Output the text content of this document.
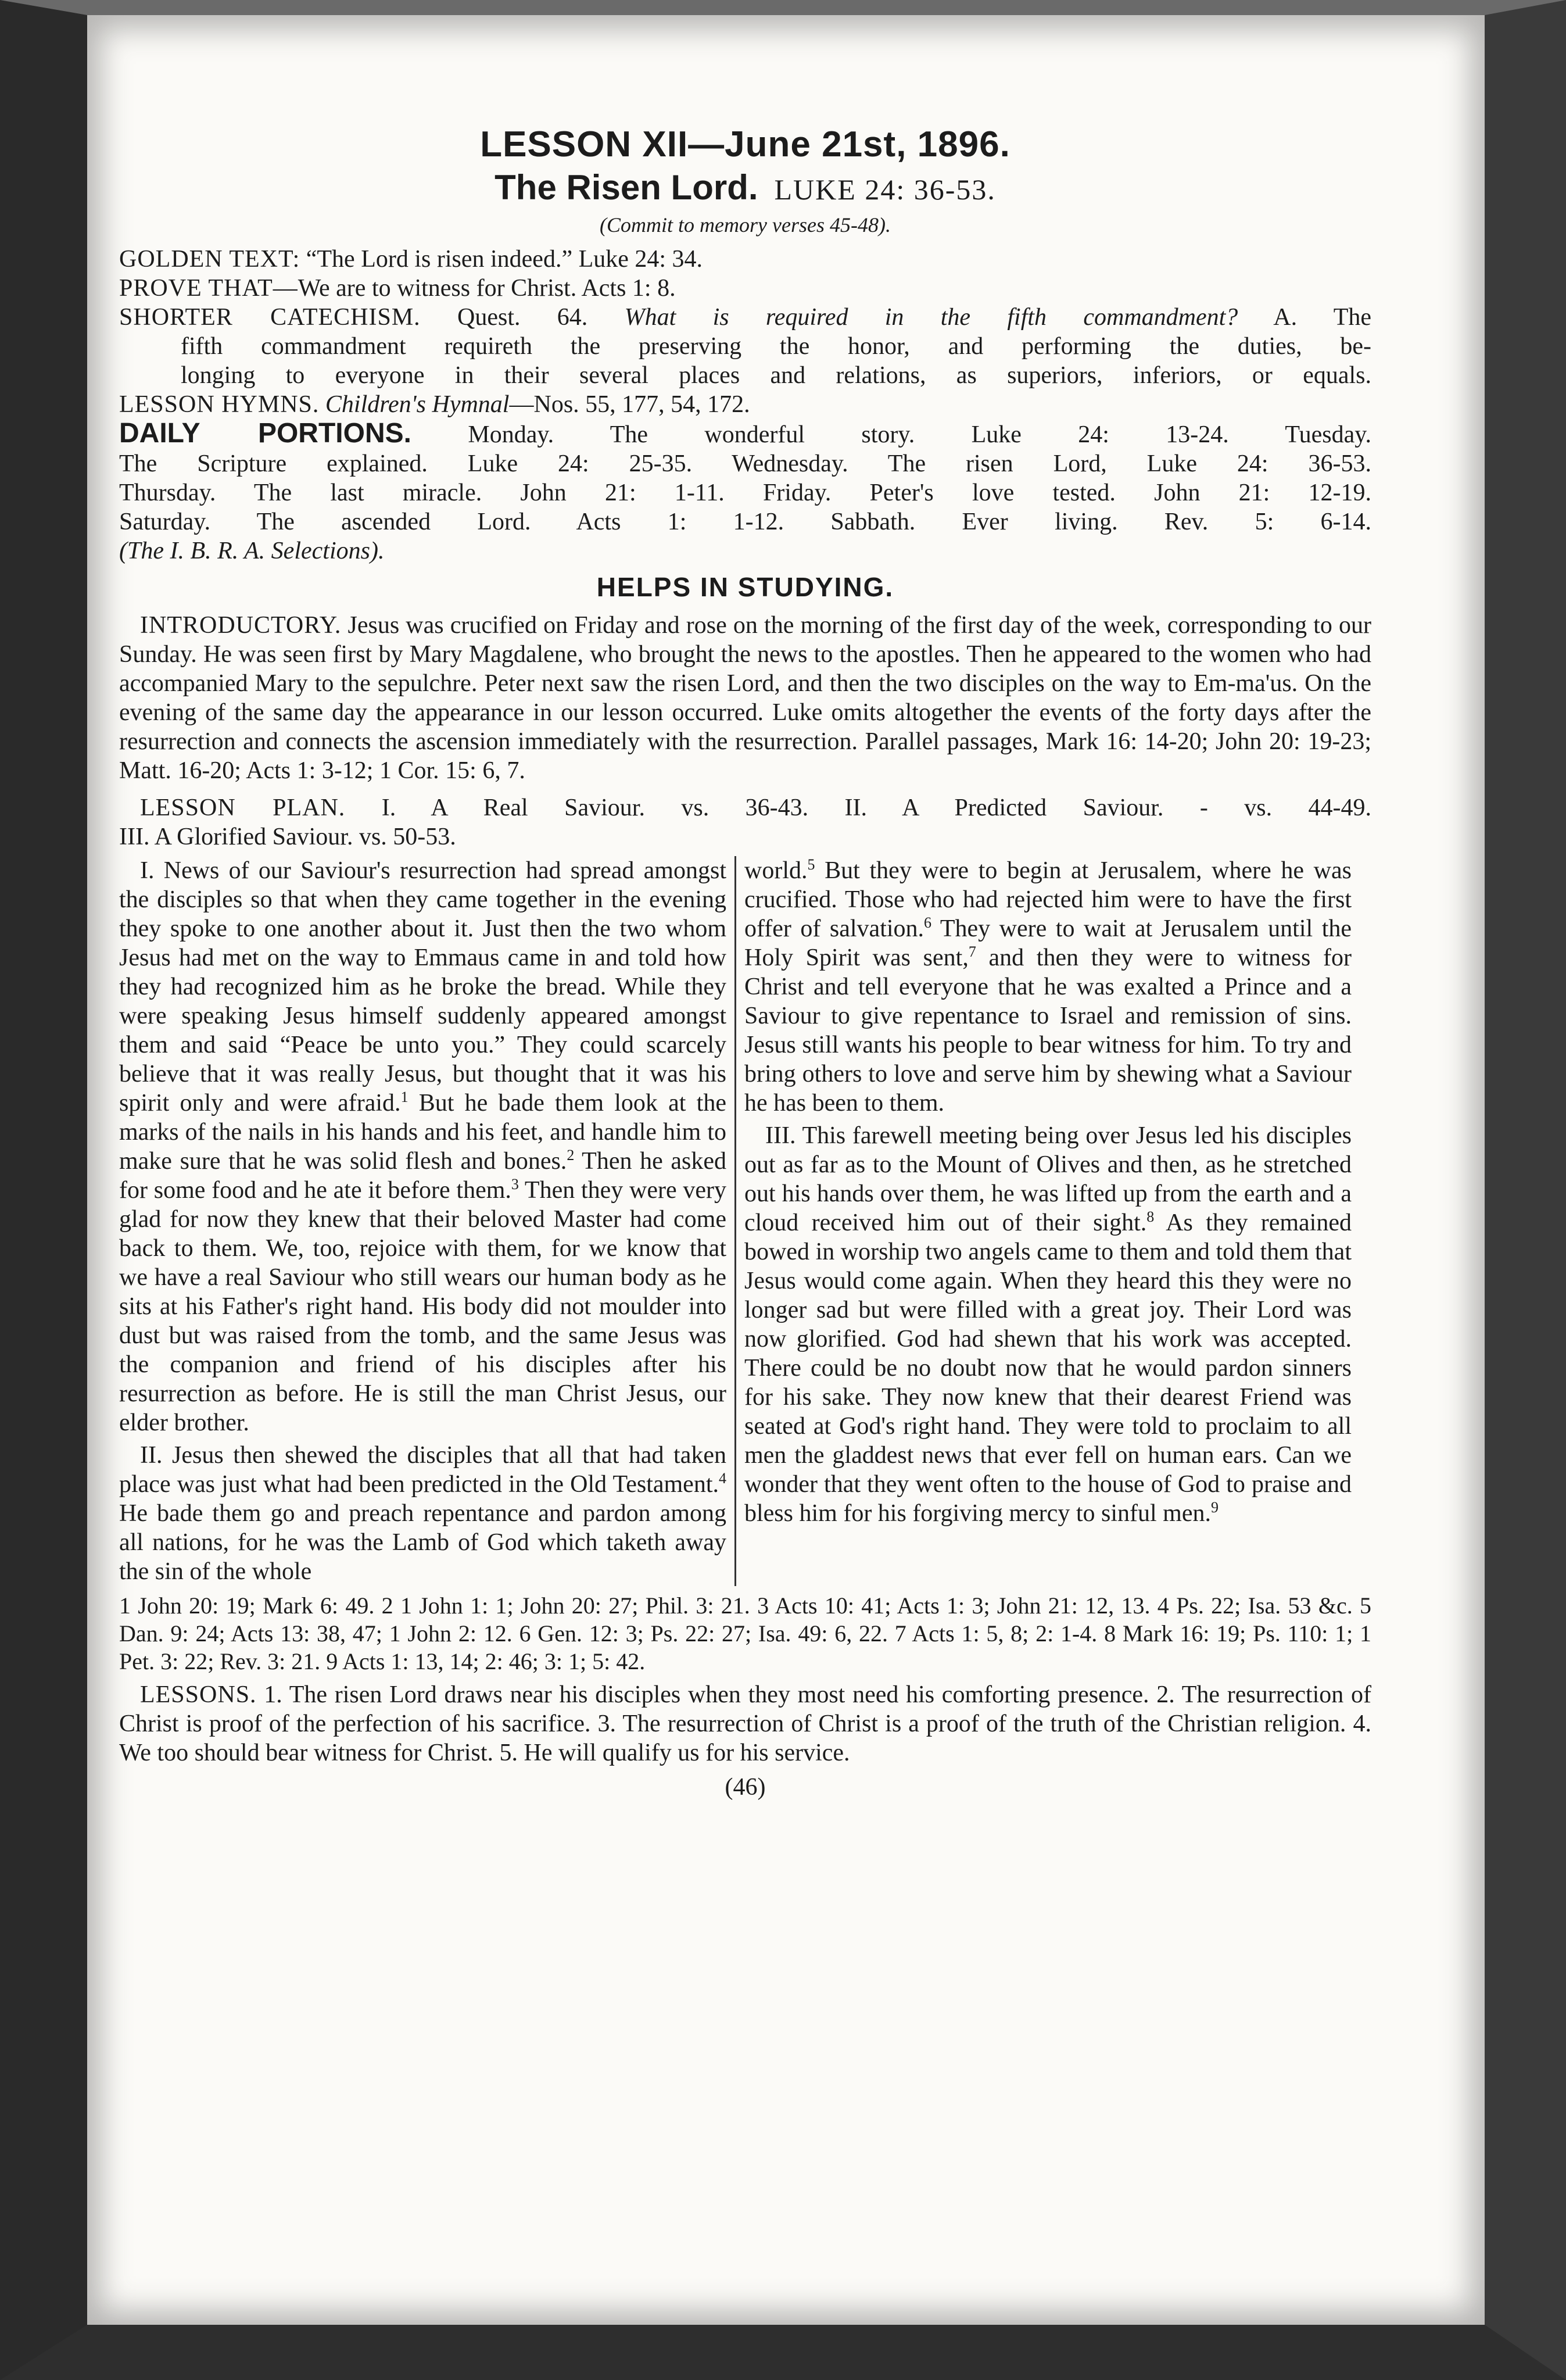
LESSON XII—June 21st, 1896.

The Risen Lord. LUKE 24: 36-53.

(Commit to memory verses 45-48).

GOLDEN TEXT: “The Lord is risen indeed.” Luke 24: 34.

PROVE THAT—We are to witness for Christ. Acts 1: 8.

SHORTER CATECHISM. Quest. 64. What is required in the fifth commandment? A. The

fifth commandment requireth the preserving the honor, and performing the duties, be-

longing to everyone in their several places and relations, as superiors, inferiors, or equals.

LESSON HYMNS. Children's Hymnal—Nos. 55, 177, 54, 172.

DAILY PORTIONS. Monday. The wonderful story. Luke 24: 13-24. Tuesday.

The Scripture explained. Luke 24: 25-35. Wednesday. The risen Lord, Luke 24: 36-53.

Thursday. The last miracle. John 21: 1-11. Friday. Peter's love tested. John 21: 12-19.

Saturday. The ascended Lord. Acts 1: 1-12. Sabbath. Ever living. Rev. 5: 6-14.

(The I. B. R. A. Selections).

HELPS IN STUDYING.

INTRODUCTORY. Jesus was crucified on Friday and rose on the morning of the first day of the week, corresponding to our Sunday. He was seen first by Mary Magdalene, who brought the news to the apostles. Then he appeared to the women who had accompanied Mary to the sepulchre. Peter next saw the risen Lord, and then the two disciples on the way to Em-ma'us. On the evening of the same day the appearance in our lesson occurred. Luke omits altogether the events of the forty days after the resurrection and connects the ascension immediately with the resurrection. Parallel passages, Mark 16: 14-20; John 20: 19-23; Matt. 16-20; Acts 1: 3-12; 1 Cor. 15: 6, 7.

LESSON PLAN. I. A Real Saviour. vs. 36-43. II. A Predicted Saviour. - vs. 44-49.

III. A Glorified Saviour. vs. 50-53.

I. News of our Saviour's resurrection had spread amongst the disciples so that when they came together in the evening they spoke to one another about it. Just then the two whom Jesus had met on the way to Emmaus came in and told how they had recognized him as he broke the bread. While they were speaking Jesus himself suddenly appeared amongst them and said “Peace be unto you.” They could scarcely believe that it was really Jesus, but thought that it was his spirit only and were afraid.$^1$ But he bade them look at the marks of the nails in his hands and his feet, and handle him to make sure that he was solid flesh and bones.$^2$ Then he asked for some food and he ate it before them.$^3$ Then they were very glad for now they knew that their beloved Master had come back to them. We, too, rejoice with them, for we know that we have a real Saviour who still wears our human body as he sits at his Father's right hand. His body did not moulder into dust but was raised from the tomb, and the same Jesus was the companion and friend of his disciples after his resurrection as before. He is still the man Christ Jesus, our elder brother.

II. Jesus then shewed the disciples that all that had taken place was just what had been predicted in the Old Testament.$^4$ He bade them go and preach repentance and pardon among all nations, for he was the Lamb of God which taketh away the sin of the whole

world.$^5$ But they were to begin at Jerusalem, where he was crucified. Those who had rejected him were to have the first offer of salvation.$^6$ They were to wait at Jerusalem until the Holy Spirit was sent,$^7$ and then they were to witness for Christ and tell everyone that he was exalted a Prince and a Saviour to give repentance to Israel and remission of sins. Jesus still wants his people to bear witness for him. To try and bring others to love and serve him by shewing what a Saviour he has been to them.

III. This farewell meeting being over Jesus led his disciples out as far as to the Mount of Olives and then, as he stretched out his hands over them, he was lifted up from the earth and a cloud received him out of their sight.$^8$ As they remained bowed in worship two angels came to them and told them that Jesus would come again. When they heard this they were no longer sad but were filled with a great joy. Their Lord was now glorified. God had shewn that his work was accepted. There could be no doubt now that he would pardon sinners for his sake. They now knew that their dearest Friend was seated at God's right hand. They were told to proclaim to all men the gladdest news that ever fell on human ears. Can we wonder that they went often to the house of God to praise and bless him for his forgiving mercy to sinful men.$^9$

1 John 20: 19; Mark 6: 49. 2 1 John 1: 1; John 20: 27; Phil. 3: 21. 3 Acts 10: 41; Acts 1: 3; John 21: 12, 13. 4 Ps. 22; Isa. 53 &c. 5 Dan. 9: 24; Acts 13: 38, 47; 1 John 2: 12. 6 Gen. 12: 3; Ps. 22: 27; Isa. 49: 6, 22. 7 Acts 1: 5, 8; 2: 1-4. 8 Mark 16: 19; Ps. 110: 1; 1 Pet. 3: 22; Rev. 3: 21. 9 Acts 1: 13, 14; 2: 46; 3: 1; 5: 42.

LESSONS. 1. The risen Lord draws near his disciples when they most need his comforting presence. 2. The resurrection of Christ is proof of the perfection of his sacrifice. 3. The resurrection of Christ is a proof of the truth of the Christian religion. 4. We too should bear witness for Christ. 5. He will qualify us for his service.

(46)
